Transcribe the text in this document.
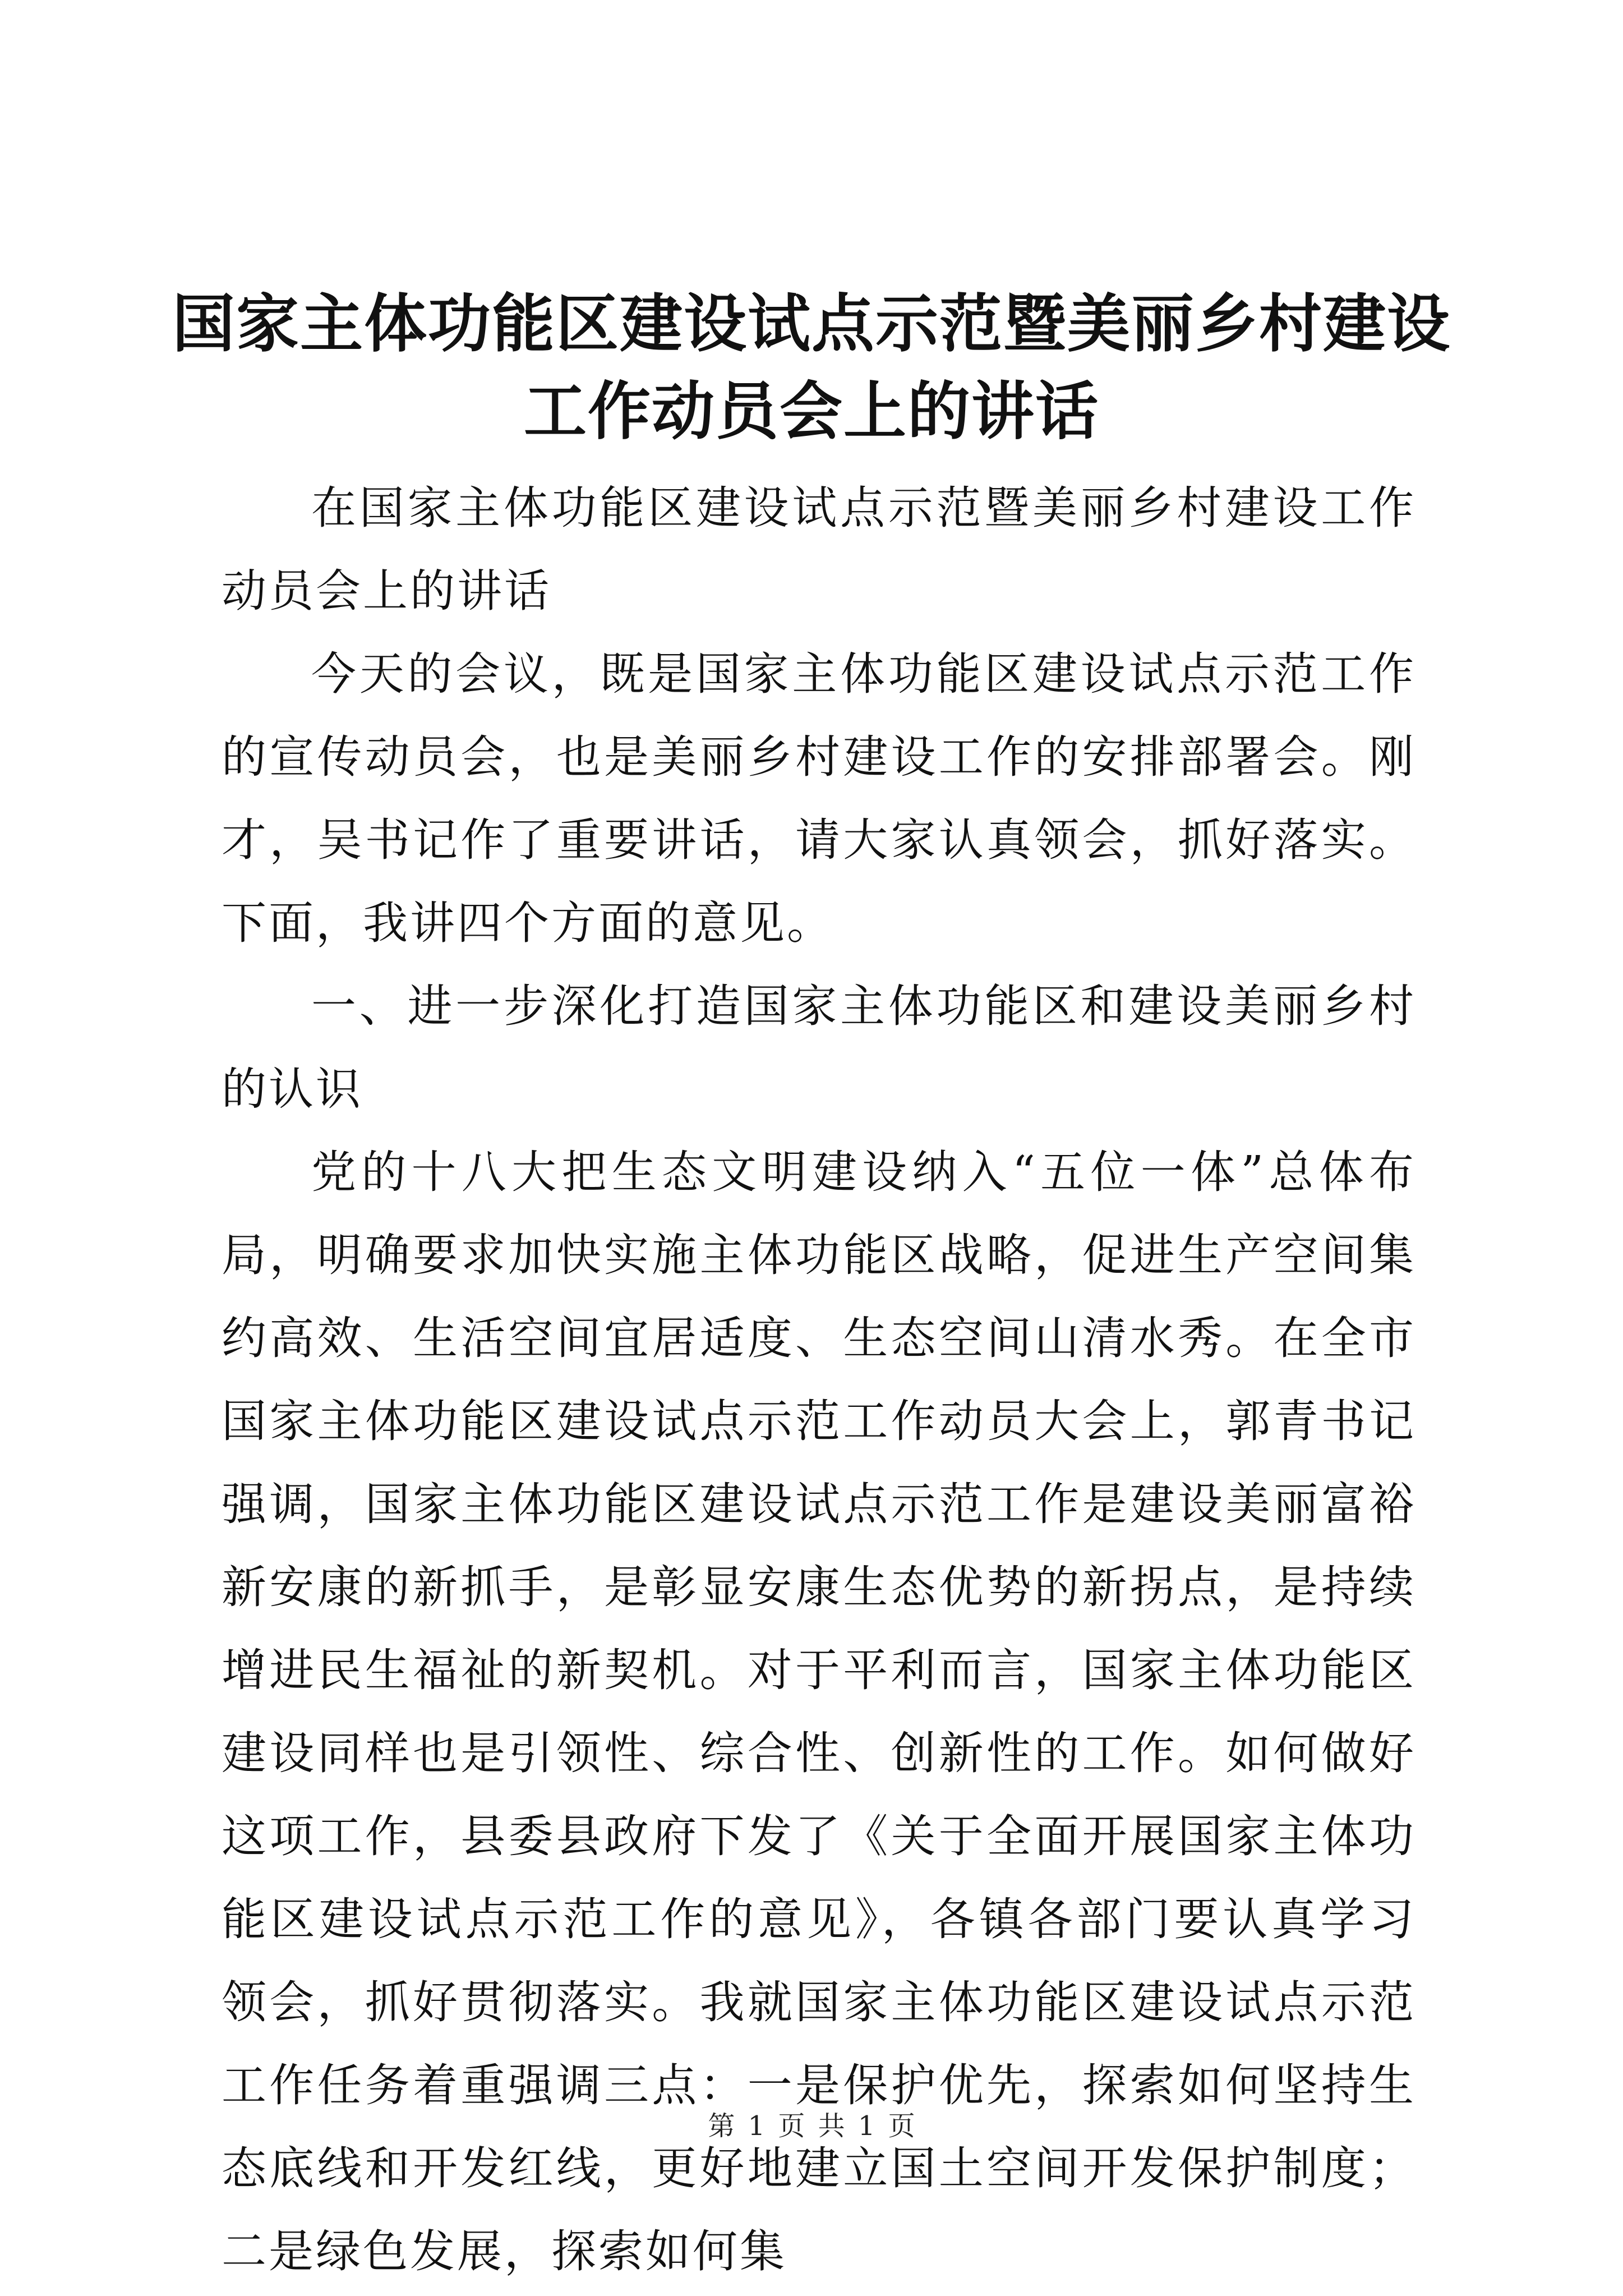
国家主体功能区建设试点示范暨美丽乡村建设
工作动员会上的讲话

在国家主体功能区建设试点示范暨美丽乡村建设工作动员会上的讲话

今天的会议，既是国家主体功能区建设试点示范工作的宣传动员会，也是美丽乡村建设工作的安排部署会。刚才，吴书记作了重要讲话，请大家认真领会，抓好落实。下面，我讲四个方面的意见。

一、进一步深化打造国家主体功能区和建设美丽乡村的认识

党的十八大把生态文明建设纳入“五位一体”总体布局，明确要求加快实施主体功能区战略，促进生产空间集约高效、生活空间宜居适度、生态空间山清水秀。在全市国家主体功能区建设试点示范工作动员大会上，郭青书记强调，国家主体功能区建设试点示范工作是建设美丽富裕新安康的新抓手，是彰显安康生态优势的新拐点，是持续增进民生福祉的新契机。对于平利而言，国家主体功能区建设同样也是引领性、综合性、创新性的工作。如何做好这项工作，县委县政府下发了《关于全面开展国家主体功能区建设试点示范工作的意见》，各镇各部门要认真学习领会，抓好贯彻落实。我就国家主体功能区建设试点示范工作任务着重强调三点：一是保护优先，探索如何坚持生态底线和开发红线，更好地建立国土空间开发保护制度；二是绿色发展，探索如何集

第 1 页 共 1 页
